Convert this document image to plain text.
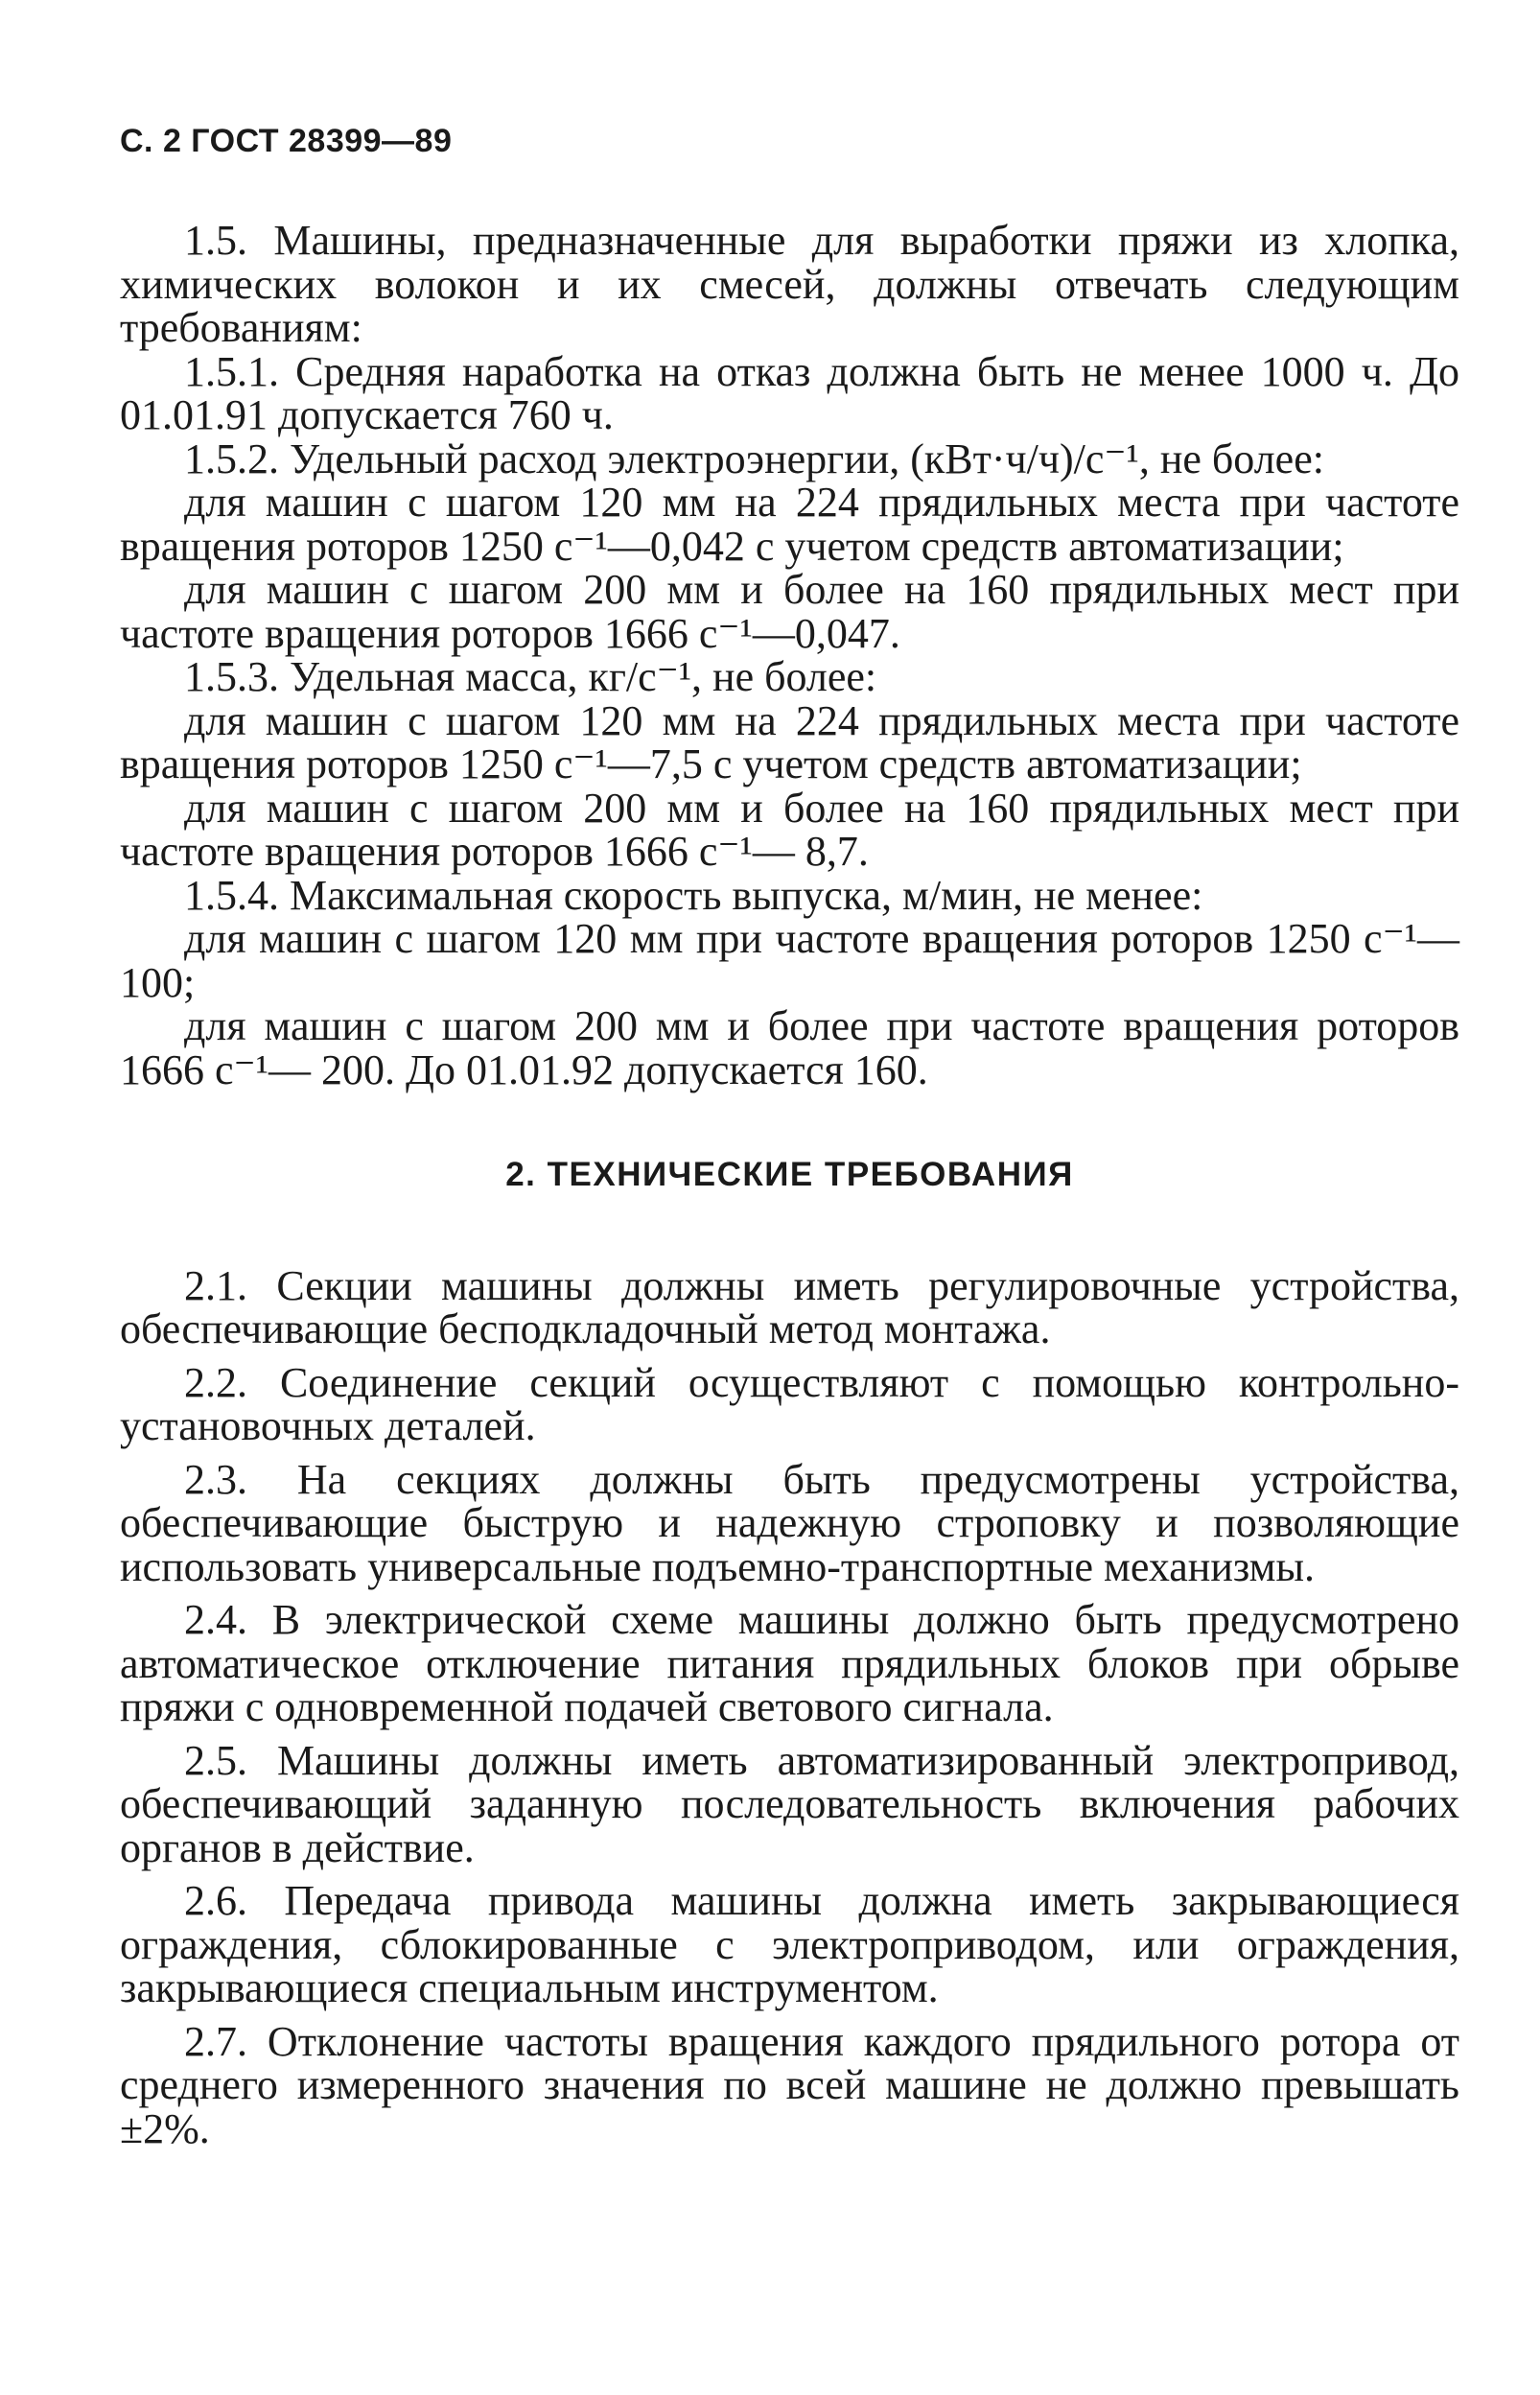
С. 2 ГОСТ 28399—89

1.5. Машины, предназначенные для выработки пряжи из хлопка, химических волокон и их смесей, должны отвечать следующим требованиям:

1.5.1. Средняя наработка на отказ должна быть не менее 1000 ч. До 01.01.91 допускается 760 ч.

1.5.2. Удельный расход электроэнергии, (кВт·ч/ч)/с⁻¹, не более:

для машин с шагом 120 мм на 224 прядильных места при частоте вращения роторов 1250 с⁻¹—0,042 с учетом средств автоматизации;

для машин с шагом 200 мм и более на 160 прядильных мест при частоте вращения роторов 1666 с⁻¹—0,047.

1.5.3. Удельная масса, кг/с⁻¹, не более:

для машин с шагом 120 мм на 224 прядильных места при частоте вращения роторов 1250 с⁻¹—7,5 с учетом средств автоматизации;

для машин с шагом 200 мм и более на 160 прядильных мест при частоте вращения роторов 1666 с⁻¹— 8,7.

1.5.4. Максимальная скорость выпуска, м/мин, не менее:

для машин с шагом 120 мм при частоте вращения роторов 1250 с⁻¹— 100;

для машин с шагом 200 мм и более при частоте вращения роторов 1666 с⁻¹— 200. До 01.01.92 допускается 160.

2. ТЕХНИЧЕСКИЕ ТРЕБОВАНИЯ

2.1. Секции машины должны иметь регулировочные устройства, обеспечивающие бесподкладочный метод монтажа.

2.2. Соединение секций осуществляют с помощью контрольно-установочных деталей.

2.3. На секциях должны быть предусмотрены устройства, обеспечивающие быструю и надежную строповку и позволяющие использовать универсальные подъемно-транспортные механизмы.

2.4. В электрической схеме машины должно быть предусмотрено автоматическое отключение питания прядильных блоков при обрыве пряжи с одновременной подачей светового сигнала.

2.5. Машины должны иметь автоматизированный электропривод, обеспечивающий заданную последовательность включения рабочих органов в действие.

2.6. Передача привода машины должна иметь закрывающиеся ограждения, сблокированные с электроприводом, или ограждения, закрывающиеся специальным инструментом.

2.7. Отклонение частоты вращения каждого прядильного ротора от среднего измеренного значения по всей машине не должно превышать ±2%.
